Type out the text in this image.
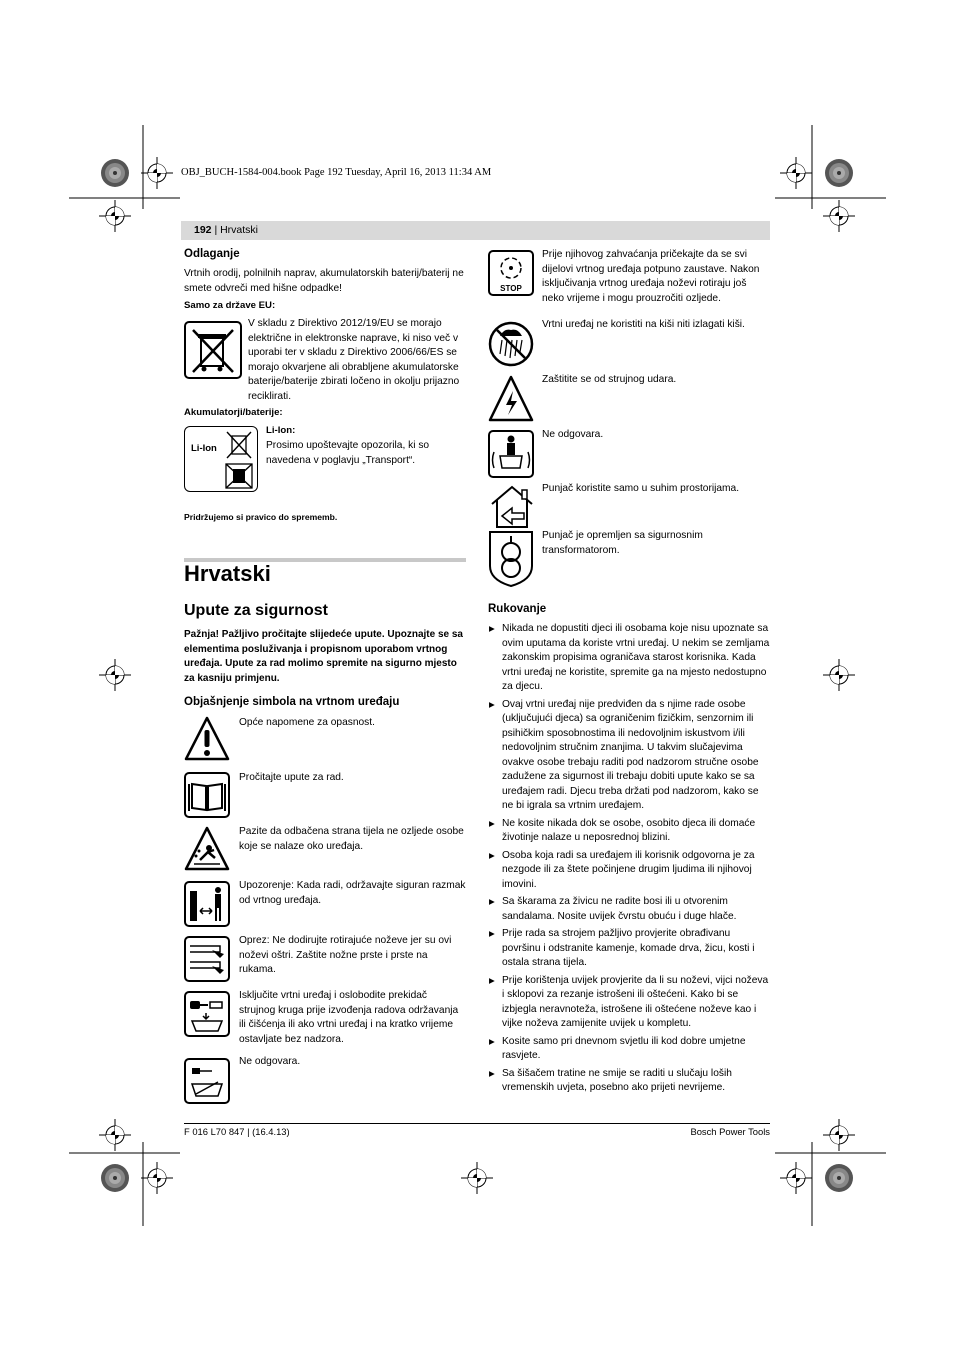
OBJ_BUCH-1584-004.book Page 192 Tuesday, April 16, 2013 11:34 AM
192 | Hrvatski
Odlaganje
Vrtnih orodij, polnilnih naprav, akumulatorskih baterij/baterij ne smete odvreči med hišne odpadke!
Samo za države EU:
V skladu z Direktivo 2012/19/EU se morajo električne in elektronske naprave, ki niso več v uporabi ter v skladu z Direktivo 2006/66/ES se morajo okvarjene ali obrabljene akumulatorske baterije/baterije zbirati ločeno in okolju prijazno reciklirati.
Akumulatorji/baterije:
Li-Ion
Li-Ion:
Prosimo upoštevajte opozorila, ki so navedena v poglavju „Transport“.
Pridržujemo si pravico do sprememb.
Hrvatski
Upute za sigurnost
Pažnja! Pažljivo pročitajte slijedeće upute. Upoznajte se sa elementima posluživanja i propisnom uporabom vrtnog uređaja. Upute za rad molimo spremite na sigurno mjesto za kasniju primjenu.
Objašnjenje simbola na vrtnom uređaju
Opće napomene za opasnost.
Pročitajte upute za rad.
Pazite da odbačena strana tijela ne ozljede osobe koje se nalaze oko uređaja.
Upozorenje: Kada radi, održavajte siguran razmak od vrtnog uređaja.
Oprez: Ne dodirujte rotirajuće noževe jer su ovi noževi oštri. Zaštite nožne prste i prste na rukama.
Isključite vrtni uređaj i oslobodite prekidač strujnog kruga prije izvođenja radova održavanja ili čišćenja ili ako vrtni uređaj i na kratko vrijeme ostavljate bez nadzora.
Ne odgovara.
STOP
Prije njihovog zahvaćanja pričekajte da se svi dijelovi vrtnog uređaja potpuno zaustave. Nakon isključivanja vrtnog uređaja noževi rotiraju još neko vrijeme i mogu prouzročiti ozljede.
Vrtni uređaj ne koristiti na kiši niti izlagati kiši.
Zaštitite se od strujnog udara.
Ne odgovara.
Punjač koristite samo u suhim prostorijama.
Punjač je opremljen sa sigurnosnim transformatorom.
Rukovanje
▶ Nikada ne dopustiti djeci ili osobama koje nisu upoznate sa ovim uputama da koriste vrtni uređaj. U nekim se zemljama zakonskim propisima ograničava starost korisnika. Kada vrtni uređaj ne koristite, spremite ga na mjesto nedostupno za djecu.
▶ Ovaj vrtni uređaj nije predviđen da s njime rade osobe (uključujući djeca) sa ograničenim fizičkim, senzornim ili psihičkim sposobnostima ili nedovoljnim iskustvom i/ili nedovoljnim stručnim znanjima. U takvim slučajevima ovakve osobe trebaju raditi pod nadzorom stručne osobe zadužene za sigurnost ili trebaju dobiti upute kako se sa uređajem radi. Djecu treba držati pod nadzorom, kako se ne bi igrala sa vrtnim uređajem.
▶ Ne kosite nikada dok se osobe, osobito djeca ili domaće životinje nalaze u neposrednoj blizini.
▶ Osoba koja radi sa uređajem ili korisnik odgovorna je za nezgode ili za štete počinjene drugim ljudima ili njihovoj imovini.
▶ Sa škarama za živicu ne radite bosi ili u otvorenim sandalama. Nosite uvijek čvrstu obuću i duge hlače.
▶ Prije rada sa strojem pažljivo provjerite obrađivanu površinu i odstranite kamenje, komade drva, žicu, kosti i ostala strana tijela.
▶ Prije korištenja uvijek provjerite da li su noževi, vijci noževa i sklopovi za rezanje istrošeni ili oštećeni. Kako bi se izbjegla neravnoteža, istrošene ili oštećene noževe kao i vijke noževa zamijenite uvijek u kompletu.
▶ Kosite samo pri dnevnom svjetlu ili kod dobre umjetne rasvjete.
▶ Sa šišačem tratine ne smije se raditi u slučaju loših vremenskih uvjeta, posebno ako prijeti nevrijeme.
F 016 L70 847 | (16.4.13)	Bosch Power Tools
